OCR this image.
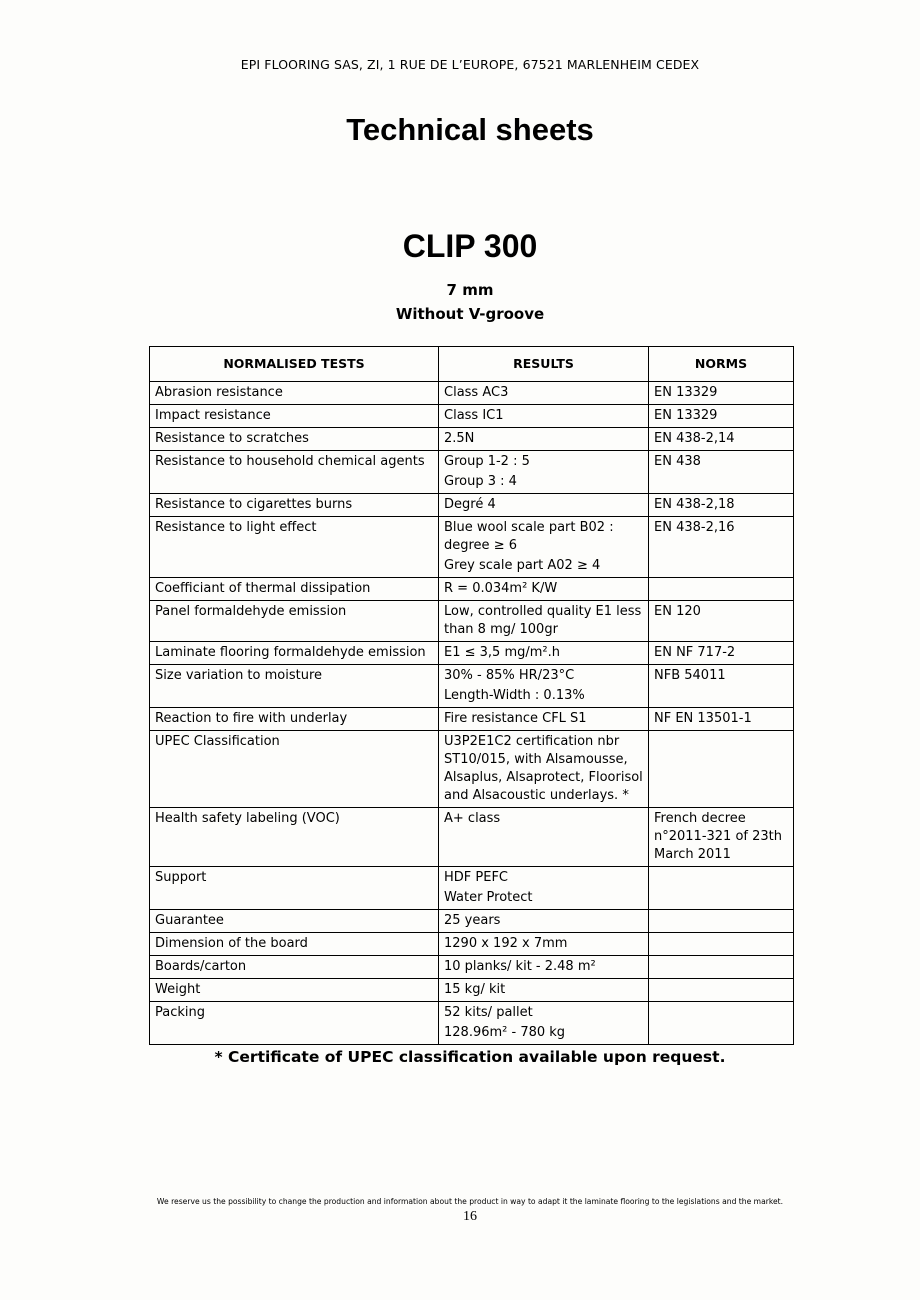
EPI FLOORING SAS, ZI, 1 RUE DE L’EUROPE, 67521 MARLENHEIM CEDEX
Technical sheets
CLIP 300
7 mm
Without V-groove
NORMALISED TESTS	RESULTS	NORMS
Abrasion resistance	Class AC3	EN 13329

Impact resistance	Class IC1	EN 13329

Resistance to scratches	2.5N	EN 438-2,14

Resistance to household chemical agents	Group 1-2 : 5
Group 3 : 4	EN 438

Resistance to cigarettes burns	Degré 4	EN 438-2,18

Resistance to light effect	Blue wool scale part B02 : degree ≥ 6
Grey scale part A02 ≥ 4	EN 438-2,16

Coefficiant of thermal dissipation	R = 0.034m² K/W	

Panel formaldehyde emission	Low, controlled quality E1 less than 8 mg/ 100gr	EN 120

Laminate flooring formaldehyde emission	E1 ≤ 3,5 mg/m².h	EN NF 717-2

Size variation to moisture	30% - 85% HR/23°C
Length-Width : 0.13%	NFB 54011

Reaction to fire with underlay	Fire resistance CFL S1	NF EN 13501-1

UPEC Classification	U3P2E1C2 certification nbr ST10/015, with Alsamousse, Alsaplus, Alsaprotect, Floorisol and Alsacoustic underlays. *	

Health safety labeling (VOC)	A+ class	French decree n°2011-321 of 23th March 2011

Support	HDF PEFC
Water Protect	

Guarantee	25 years	

Dimension of the board	1290 x 192 x 7mm	

Boards/carton	10 planks/ kit - 2.48 m²	

Weight	15 kg/ kit	

Packing	52 kits/ pallet
128.96m² - 780 kg	

* Certificate of UPEC classification available upon request.
We reserve us the possibility to change the production and information about the product in way to adapt it the laminate flooring to the legislations and the market.
16
